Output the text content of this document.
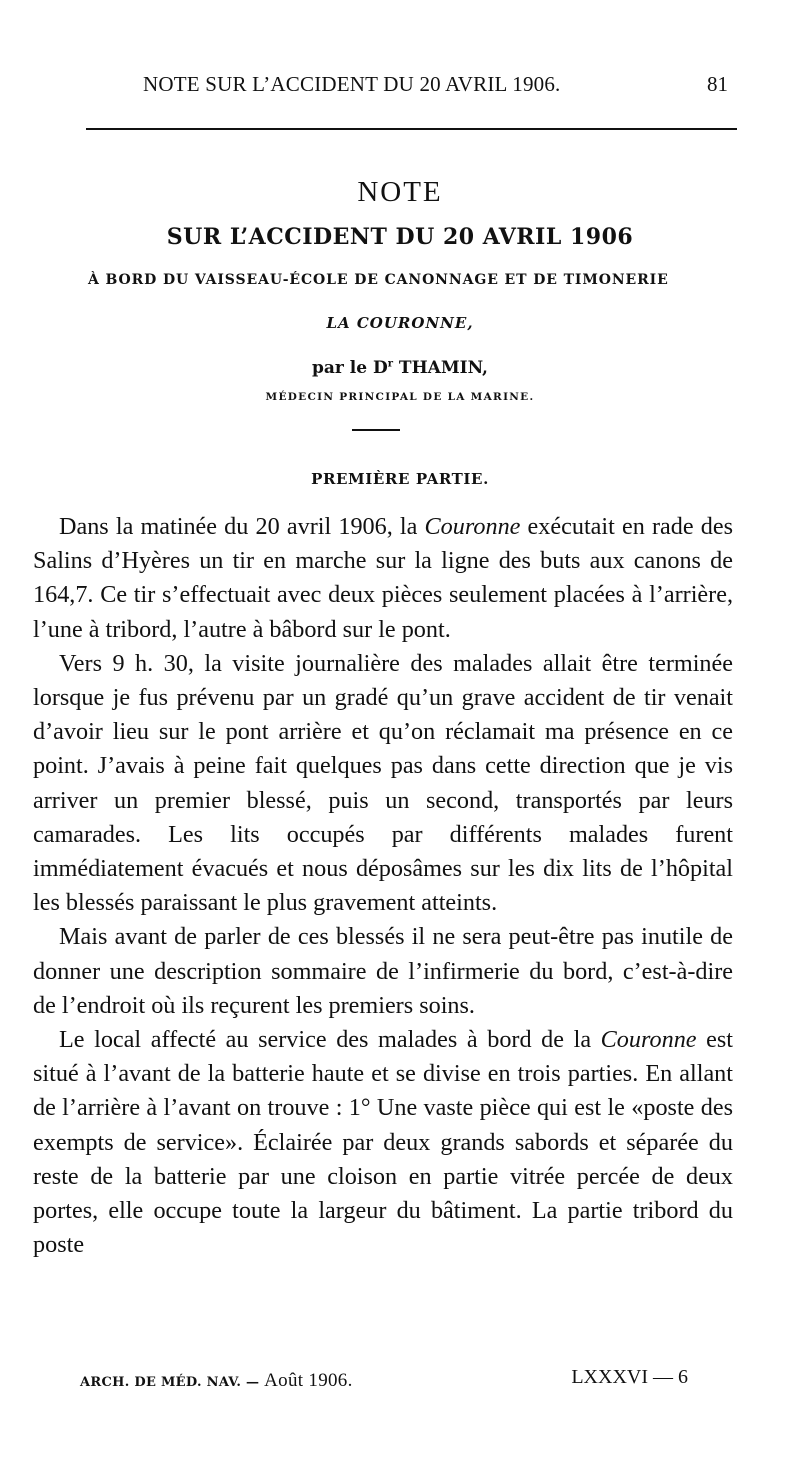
NOTE SUR L’ACCIDENT DU 20 AVRIL 1906.	81
NOTE
SUR L’ACCIDENT DU 20 AVRIL 1906
À BORD DU VAISSEAU-ÉCOLE DE CANONNAGE ET DE TIMONERIE
LA COURONNE,
par le $D^r$ THAMIN,
MÉDECIN PRINCIPAL DE LA MARINE.
PREMIÈRE PARTIE.

Dans la matinée du 20 avril 1906, la Couronne exécutait en rade des Salins d’Hyères un tir en marche sur la ligne des buts aux canons de 164,7. Ce tir s’effectuait avec deux pièces seulement placées à l’arrière, l’une à tribord, l’autre à bâbord sur le pont.

Vers 9 h. 30, la visite journalière des malades allait être terminée lorsque je fus prévenu par un gradé qu’un grave accident de tir venait d’avoir lieu sur le pont arrière et qu’on réclamait ma présence en ce point. J’avais à peine fait quelques pas dans cette direction que je vis arriver un premier blessé, puis un second, transportés par leurs camarades. Les lits occupés par différents malades furent immédiatement évacués et nous déposâmes sur les dix lits de l’hôpital les blessés paraissant le plus gravement atteints.

Mais avant de parler de ces blessés il ne sera peut-être pas inutile de donner une description sommaire de l’infirmerie du bord, c’est-à-dire de l’endroit où ils reçurent les premiers soins.

Le local affecté au service des malades à bord de la Couronne est situé à l’avant de la batterie haute et se divise en trois parties. En allant de l’arrière à l’avant on trouve : 1° Une vaste pièce qui est le «poste des exempts de service». Éclairée par deux grands sabords et séparée du reste de la batterie par une cloison en partie vitrée percée de deux portes, elle occupe toute la largeur du bâtiment. La partie tribord du poste

ARCH. DE MÉD. NAV. — Août 1906.	LXXXVI — 6
